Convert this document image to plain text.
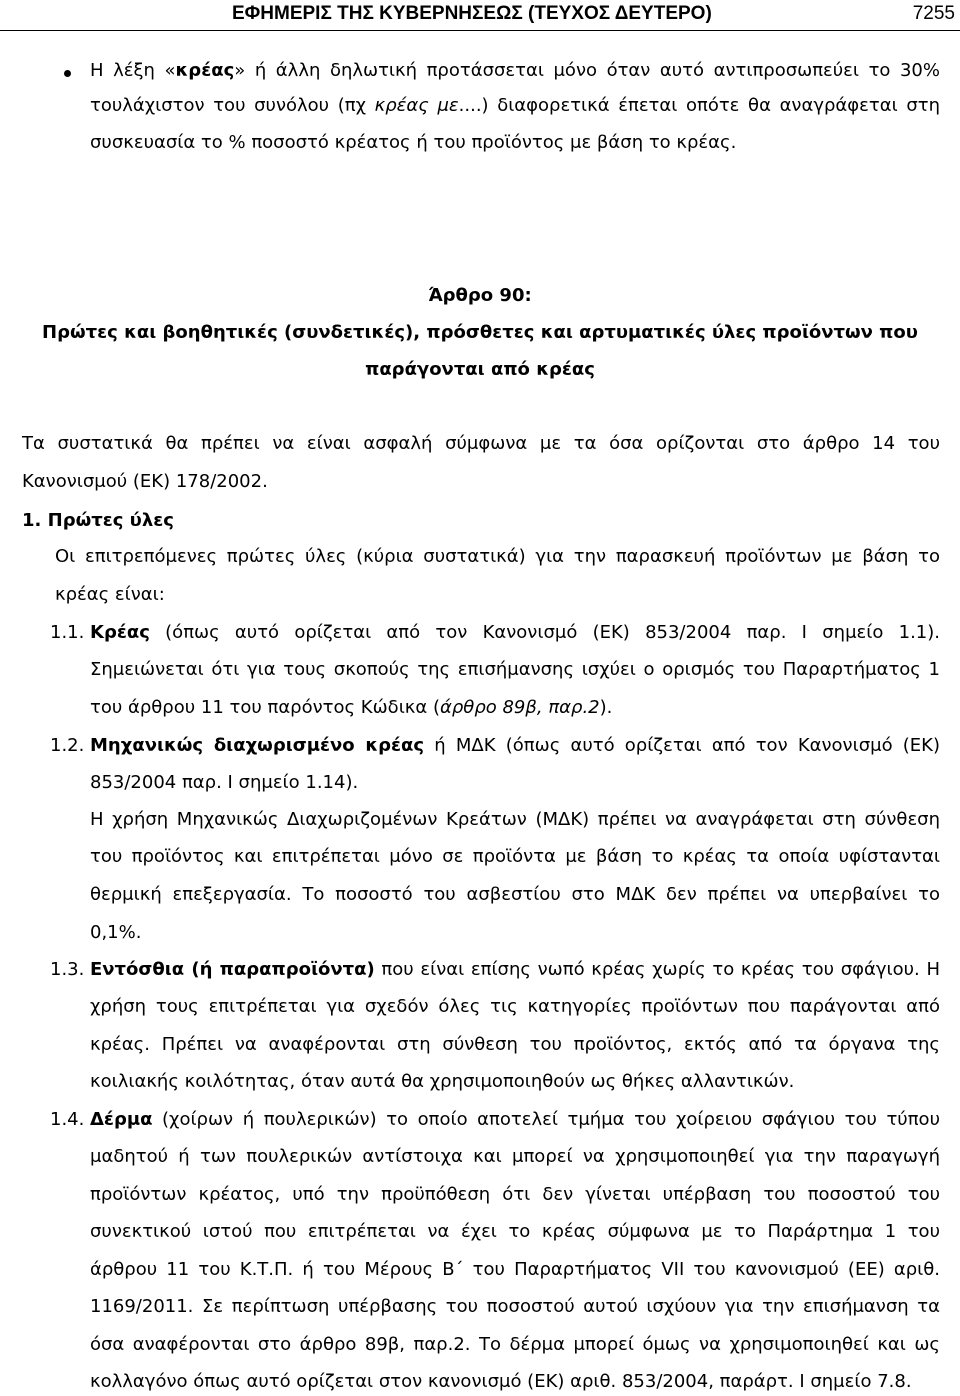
ΕΦΗΜΕΡΙΣ ΤΗΣ ΚΥΒΕΡΝΗΣΕΩΣ (ΤΕΥΧΟΣ ΔΕΥΤΕΡΟ)	7255
Η λέξη «κρέας» ή άλλη δηλωτική προτάσσεται μόνο όταν αυτό αντιπροσωπεύει το 30%
τουλάχιστον του συνόλου (πχ κρέας με....) διαφορετικά έπεται οπότε θα αναγράφεται στη
συσκευασία το % ποσοστό κρέατος ή του προϊόντος με βάση το κρέας.
Άρθρο 90:
Πρώτες και βοηθητικές (συνδετικές), πρόσθετες και αρτυματικές ύλες προϊόντων που
παράγονται από κρέας
Τα συστατικά θα πρέπει να είναι ασφαλή σύμφωνα με τα όσα ορίζονται στο άρθρο 14 του
Κανονισμού (ΕΚ) 178/2002.
1. Πρώτες ύλες
Οι επιτρεπόμενες πρώτες ύλες (κύρια συστατικά) για την παρασκευή προϊόντων με βάση το
κρέας είναι:
1.1. Κρέας (όπως αυτό ορίζεται από τον Κανονισμό (ΕΚ) 853/2004 παρ. Ι σημείο 1.1).
Σημειώνεται ότι για τους σκοπούς της επισήμανσης ισχύει ο ορισμός του Παραρτήματος 1
του άρθρου 11 του παρόντος Κώδικα (άρθρο 89β, παρ.2).
1.2. Μηχανικώς διαχωρισμένο κρέας ή ΜΔΚ (όπως αυτό ορίζεται από τον Κανονισμό (ΕΚ)
853/2004 παρ. Ι σημείο 1.14).
Η χρήση Μηχανικώς Διαχωριζομένων Κρεάτων (ΜΔΚ) πρέπει να αναγράφεται στη σύνθεση
του προϊόντος και επιτρέπεται μόνο σε προϊόντα με βάση το κρέας τα οποία υφίστανται
θερμική επεξεργασία. Το ποσοστό του ασβεστίου στο ΜΔΚ δεν πρέπει να υπερβαίνει το
0,1%.
1.3. Εντόσθια (ή παραπροϊόντα) που είναι επίσης νωπό κρέας χωρίς το κρέας του σφάγιου. Η
χρήση τους επιτρέπεται για σχεδόν όλες τις κατηγορίες προϊόντων που παράγονται από
κρέας. Πρέπει να αναφέρονται στη σύνθεση του προϊόντος, εκτός από τα όργανα της
κοιλιακής κοιλότητας, όταν αυτά θα χρησιμοποιηθούν ως θήκες αλλαντικών.
1.4. Δέρμα (χοίρων ή πουλερικών) το οποίο αποτελεί τμήμα του χοίρειου σφάγιου του τύπου
μαδητού ή των πουλερικών αντίστοιχα και μπορεί να χρησιμοποιηθεί για την παραγωγή
προϊόντων κρέατος, υπό την προϋπόθεση ότι δεν γίνεται υπέρβαση του ποσοστού του
συνεκτικού ιστού που επιτρέπεται να έχει το κρέας σύμφωνα με το Παράρτημα 1 του
άρθρου 11 του Κ.Τ.Π. ή του Μέρους Β΄ του Παραρτήματος VII του κανονισμού (ΕΕ) αριθ.
1169/2011. Σε περίπτωση υπέρβασης του ποσοστού αυτού ισχύουν για την επισήμανση τα
όσα αναφέρονται στο άρθρο 89β, παρ.2. Το δέρμα μπορεί όμως να χρησιμοποιηθεί και ως
κολλαγόνο όπως αυτό ορίζεται στον κανονισμό (ΕΚ) αριθ. 853/2004, παράρτ. Ι σημείο 7.8.
